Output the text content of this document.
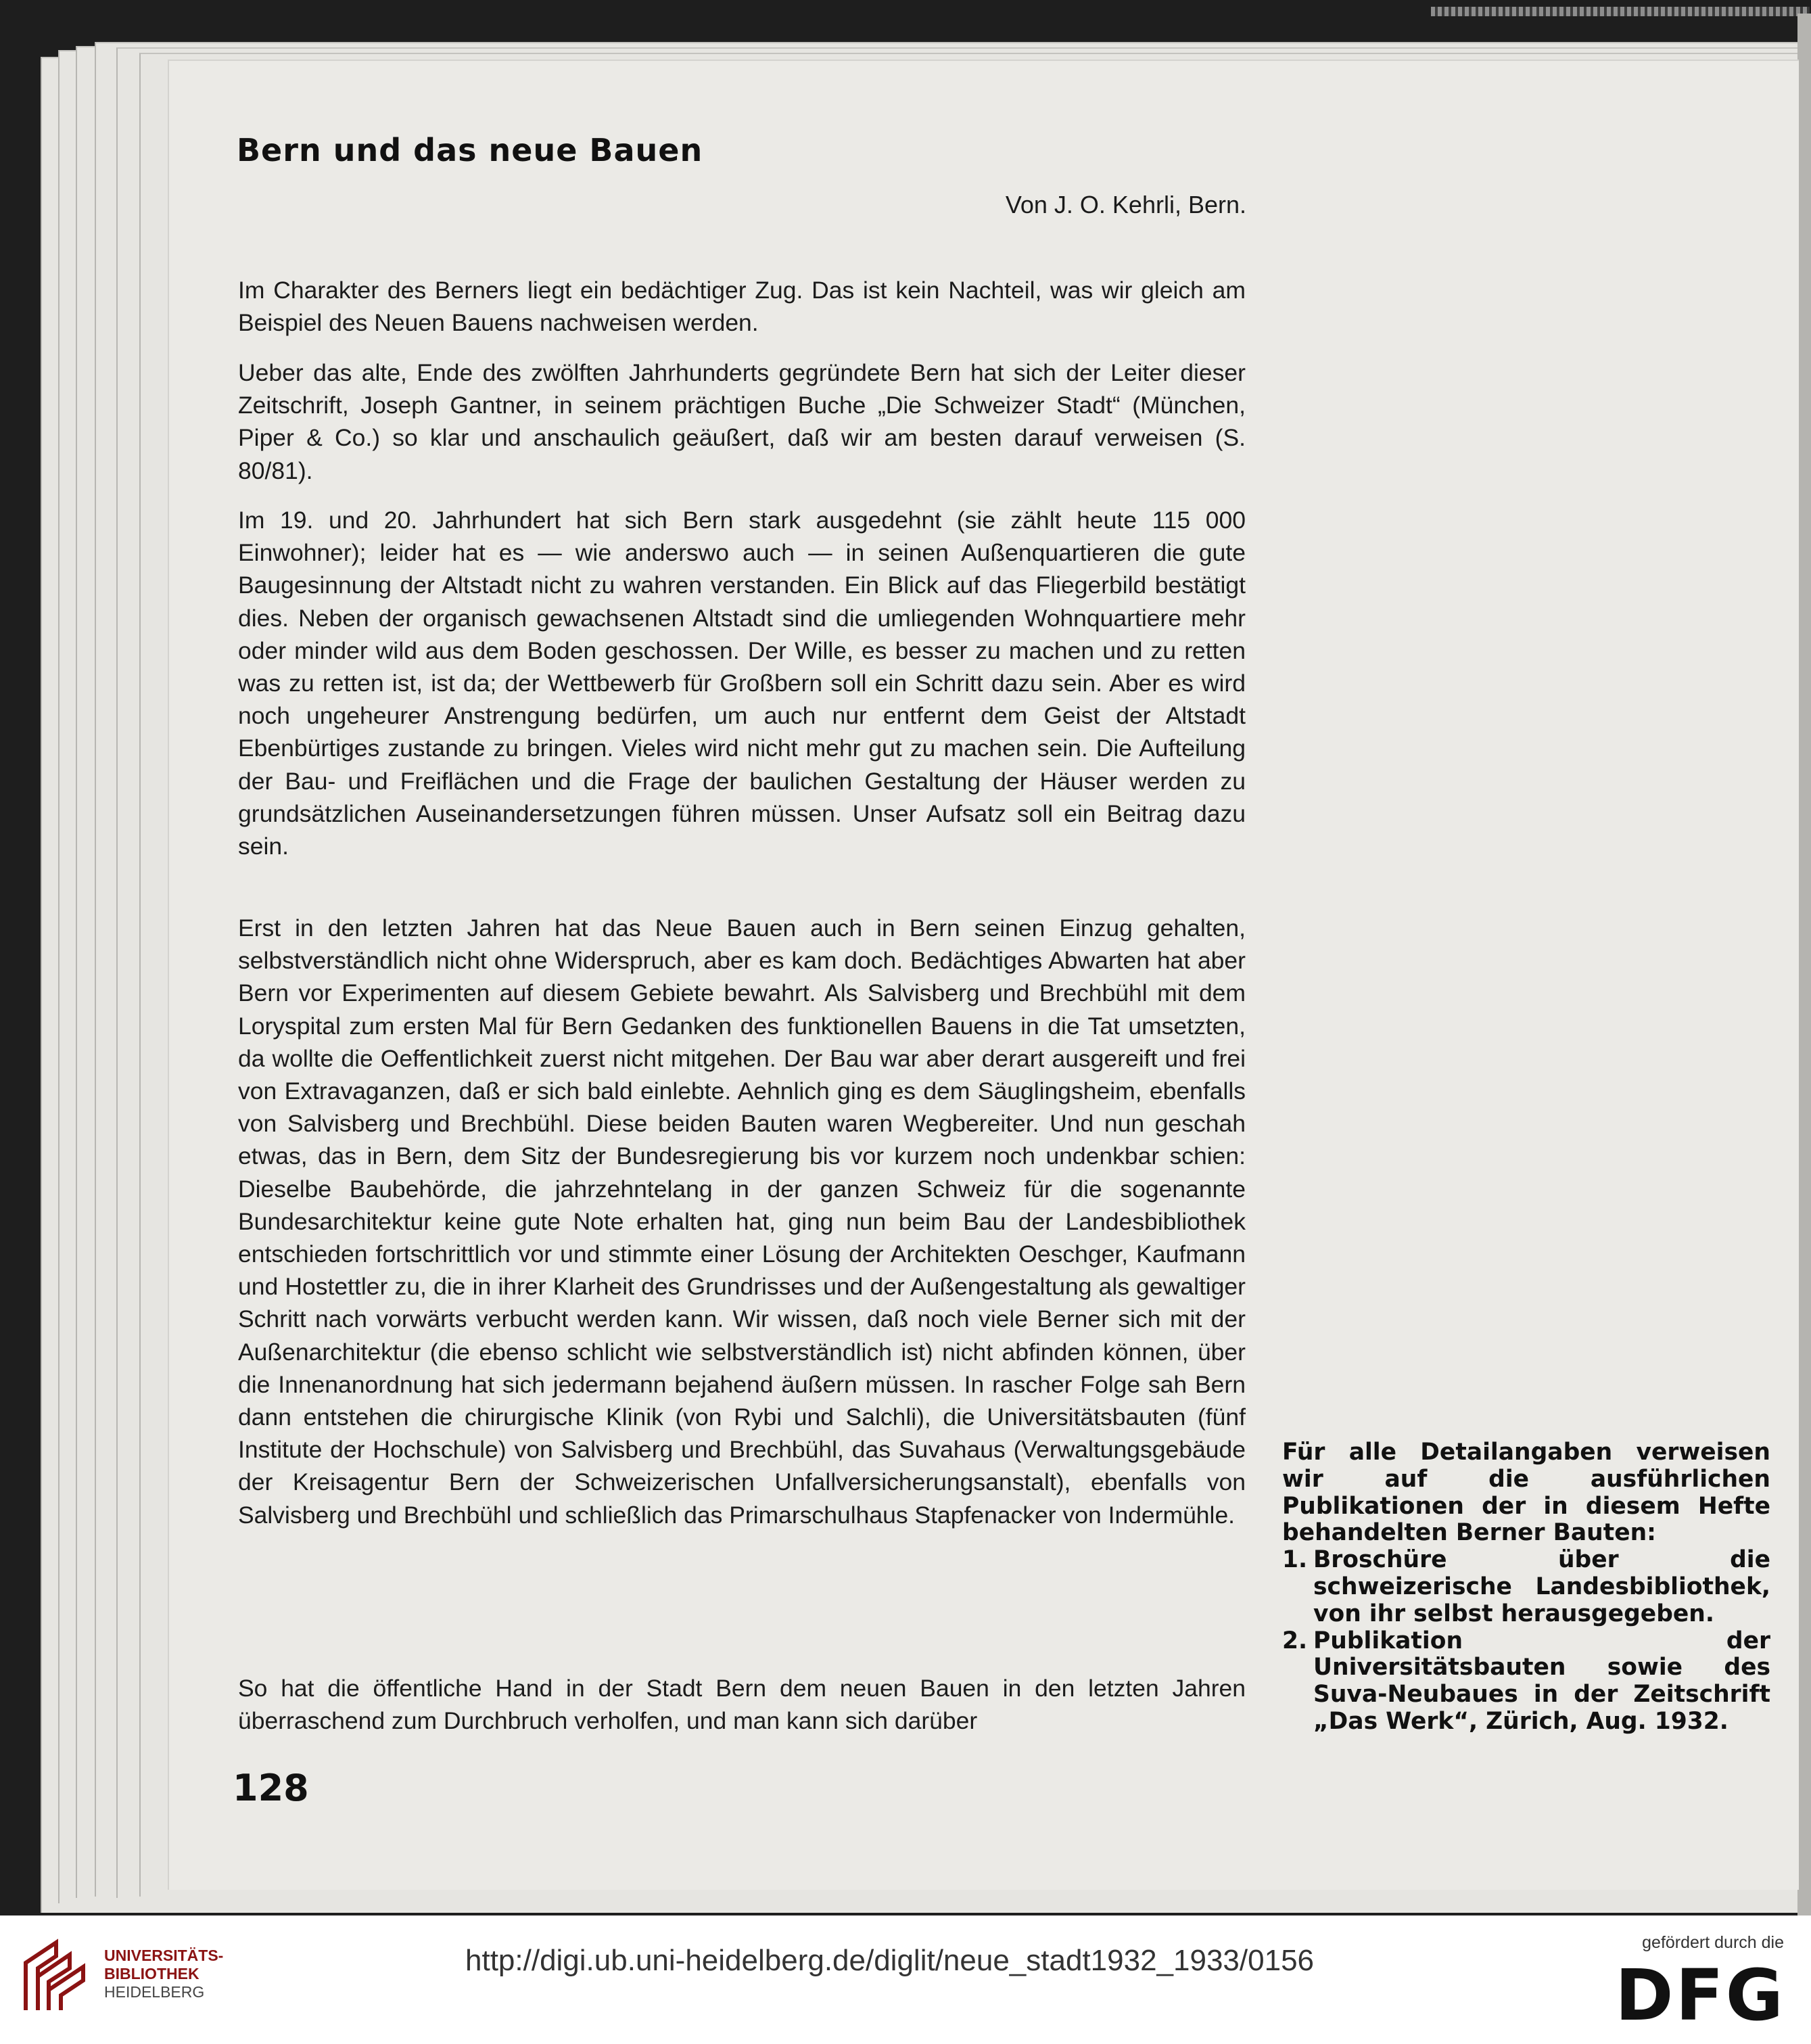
Bern und das neue Bauen
Von J. O. Kehrli, Bern.
Im Charakter des Berners liegt ein bedächtiger Zug. Das ist kein Nachteil, was wir gleich am Beispiel des Neuen Bauens nachweisen werden.
Ueber das alte, Ende des zwölften Jahrhunderts gegründete Bern hat sich der Leiter dieser Zeitschrift, Joseph Gantner, in seinem prächtigen Buche „Die Schweizer Stadt“ (München, Piper & Co.) so klar und anschaulich geäußert, daß wir am besten darauf verweisen (S. 80/81).
Im 19. und 20. Jahrhundert hat sich Bern stark ausgedehnt (sie zählt heute 115 000 Einwohner); leider hat es — wie anderswo auch — in seinen Außenquartieren die gute Baugesinnung der Altstadt nicht zu wahren verstanden. Ein Blick auf das Fliegerbild bestätigt dies. Neben der organisch gewachsenen Altstadt sind die umliegenden Wohnquartiere mehr oder minder wild aus dem Boden geschossen. Der Wille, es besser zu machen und zu retten was zu retten ist, ist da; der Wettbewerb für Großbern soll ein Schritt dazu sein. Aber es wird noch ungeheurer Anstrengung bedürfen, um auch nur entfernt dem Geist der Altstadt Ebenbürtiges zustande zu bringen. Vieles wird nicht mehr gut zu machen sein. Die Aufteilung der Bau- und Freiflächen und die Frage der baulichen Gestaltung der Häuser werden zu grundsätzlichen Auseinandersetzungen führen müssen. Unser Aufsatz soll ein Beitrag dazu sein.
Erst in den letzten Jahren hat das Neue Bauen auch in Bern seinen Einzug gehalten, selbstverständlich nicht ohne Widerspruch, aber es kam doch. Bedächtiges Abwarten hat aber Bern vor Experimenten auf diesem Gebiete bewahrt. Als Salvisberg und Brechbühl mit dem Loryspital zum ersten Mal für Bern Gedanken des funktionellen Bauens in die Tat umsetzten, da wollte die Oeffentlichkeit zuerst nicht mitgehen. Der Bau war aber derart ausgereift und frei von Extravaganzen, daß er sich bald einlebte. Aehnlich ging es dem Säuglingsheim, ebenfalls von Salvisberg und Brechbühl. Diese beiden Bauten waren Wegbereiter. Und nun geschah etwas, das in Bern, dem Sitz der Bundesregierung bis vor kurzem noch undenkbar schien: Dieselbe Baubehörde, die jahrzehntelang in der ganzen Schweiz für die sogenannte Bundesarchitektur keine gute Note erhalten hat, ging nun beim Bau der Landesbibliothek entschieden fortschrittlich vor und stimmte einer Lösung der Architekten Oeschger, Kaufmann und Hostettler zu, die in ihrer Klarheit des Grundrisses und der Außengestaltung als gewaltiger Schritt nach vorwärts verbucht werden kann. Wir wissen, daß noch viele Berner sich mit der Außenarchitektur (die ebenso schlicht wie selbstverständlich ist) nicht abfinden können, über die Innenanordnung hat sich jedermann bejahend äußern müssen. In rascher Folge sah Bern dann entstehen die chirurgische Klinik (von Rybi und Salchli), die Universitätsbauten (fünf Institute der Hochschule) von Salvisberg und Brechbühl, das Suvahaus (Verwaltungsgebäude der Kreisagentur Bern der Schweizerischen Unfallversicherungsanstalt), ebenfalls von Salvisberg und Brechbühl und schließlich das Primarschulhaus Stapfenacker von Indermühle.
So hat die öffentliche Hand in der Stadt Bern dem neuen Bauen in den letzten Jahren überraschend zum Durchbruch verholfen, und man kann sich darüber

Für alle Detailangaben verweisen wir auf die ausführlichen Publikationen der in diesem Hefte behandelten Berner Bauten:

1. Broschüre über die schweizerische Landesbibliothek, von ihr selbst herausgegeben.
2. Publikation der Universitätsbauten sowie des Suva-Neubaues in der Zeitschrift „Das Werk“, Zürich, Aug. 1932.
128
UNIVERSITÄTS-
BIBLIOTHEK
HEIDELBERG
http://digi.ub.uni-heidelberg.de/diglit/neue_stadt1932_1933/0156
gefördert durch die
DFG
